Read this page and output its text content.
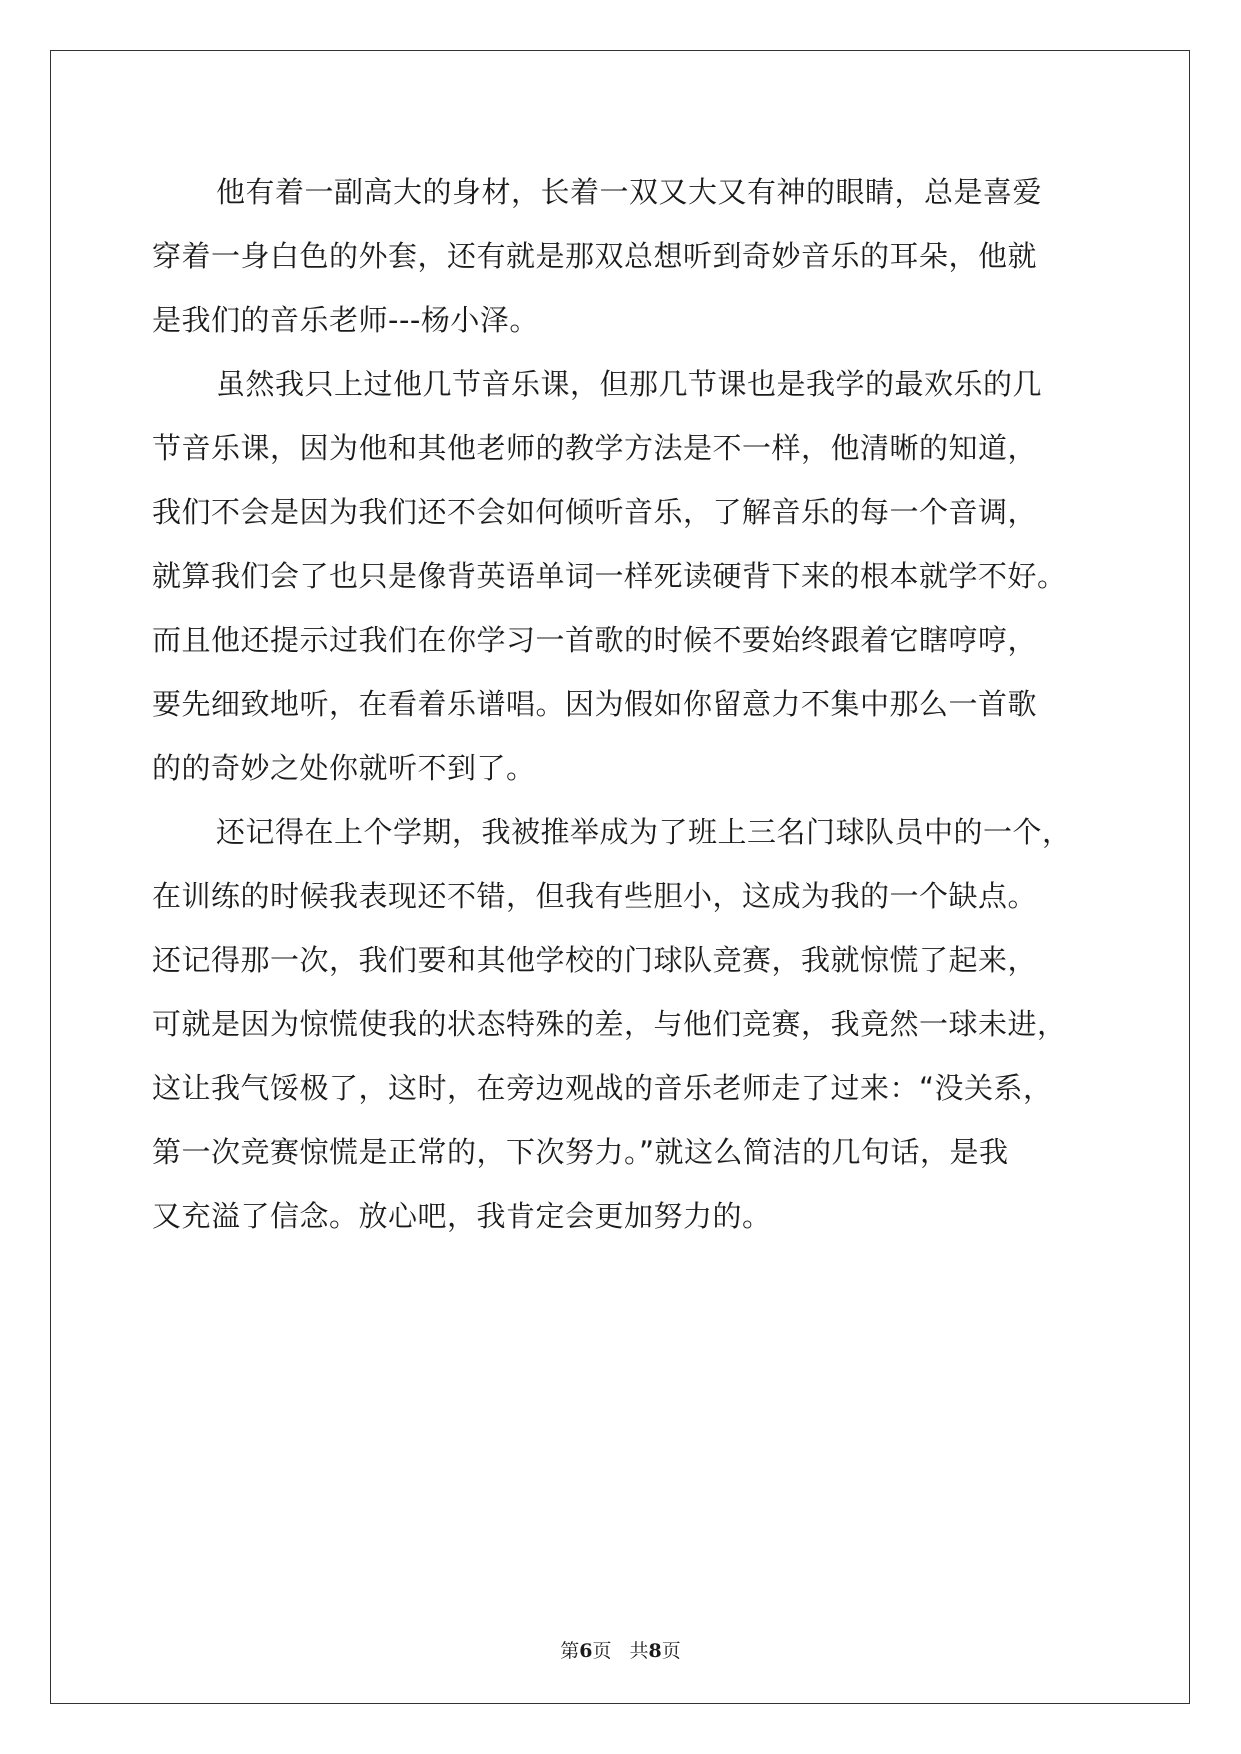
他有着一副高大的身材，长着一双又大又有神的眼睛，总是喜爱
穿着一身白色的外套，还有就是那双总想听到奇妙音乐的耳朵，他就
是我们的音乐老师---杨小泽。
虽然我只上过他几节音乐课，但那几节课也是我学的最欢乐的几
节音乐课，因为他和其他老师的教学方法是不一样，他清晰的知道，
我们不会是因为我们还不会如何倾听音乐，了解音乐的每一个音调，
就算我们会了也只是像背英语单词一样死读硬背下来的根本就学不好。
而且他还提示过我们在你学习一首歌的时候不要始终跟着它瞎哼哼，
要先细致地听，在看着乐谱唱。因为假如你留意力不集中那么一首歌
的的奇妙之处你就听不到了。
还记得在上个学期，我被推举成为了班上三名门球队员中的一个，
在训练的时候我表现还不错，但我有些胆小，这成为我的一个缺点。
还记得那一次，我们要和其他学校的门球队竞赛，我就惊慌了起来，
可就是因为惊慌使我的状态特殊的差，与他们竞赛，我竟然一球未进，
这让我气馁极了，这时，在旁边观战的音乐老师走了过来：“没关系，
第一次竞赛惊慌是正常的，下次努力。”就这么简洁的几句话，是我
又充溢了信念。放心吧，我肯定会更加努力的。
第6页 共8页
